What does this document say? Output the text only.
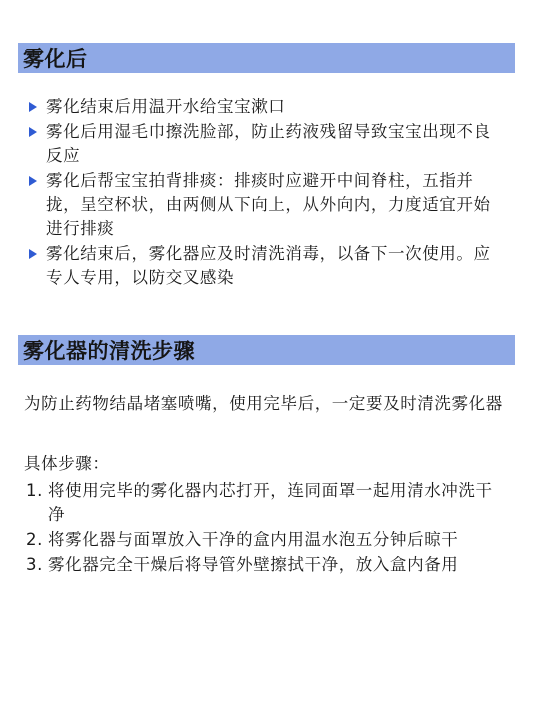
雾化后
雾化结束后用温开水给宝宝漱口
雾化后用湿毛巾擦洗脸部，防止药液残留导致宝宝出现不良反应
雾化后帮宝宝拍背排痰：排痰时应避开中间脊柱，五指并拢，呈空杯状，由两侧从下向上，从外向内，力度适宜开始进行排痰
雾化结束后，雾化器应及时清洗消毒，以备下一次使用。应专人专用，以防交叉感染
雾化器的清洗步骤

为防止药物结晶堵塞喷嘴，使用完毕后，一定要及时清洗雾化器

具体步骤：

1. 将使用完毕的雾化器内芯打开，连同面罩一起用清水冲洗干净
2. 将雾化器与面罩放入干净的盒内用温水泡五分钟后晾干
3. 雾化器完全干燥后将导管外壁擦拭干净，放入盒内备用
